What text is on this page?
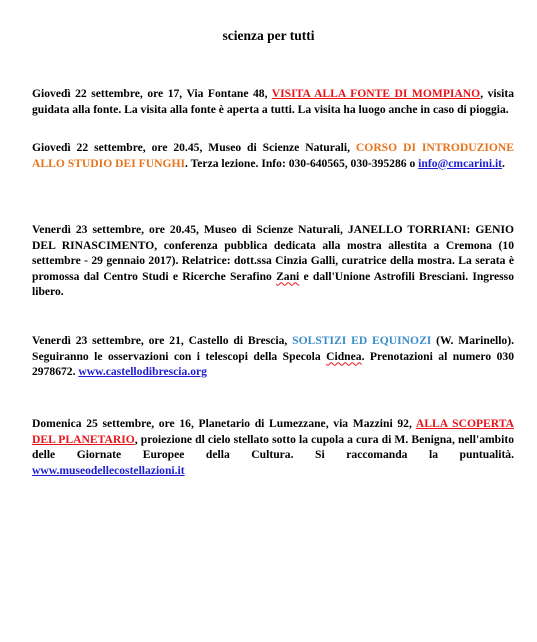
scienza per tutti
Giovedì 22 settembre, ore 17, Via Fontane 48, VISITA ALLA FONTE DI MOMPIANO, visita guidata alla fonte. La visita alla fonte è aperta a tutti. La visita ha luogo anche in caso di pioggia.
Giovedì 22 settembre, ore 20.45, Museo di Scienze Naturali, CORSO DI INTRODUZIONE ALLO STUDIO DEI FUNGHI. Terza lezione. Info: 030-640565, 030-395286 o info@cmcarini.it.
Venerdì 23 settembre, ore 20.45, Museo di Scienze Naturali, JANELLO TORRIANI: GENIO DEL RINASCIMENTO, conferenza pubblica dedicata alla mostra allestita a Cremona (10 settembre - 29 gennaio 2017). Relatrice: dott.ssa Cinzia Galli, curatrice della mostra. La serata è promossa dal Centro Studi e Ricerche Serafino Zani e dall'Unione Astrofili Bresciani. Ingresso libero.
Venerdì 23 settembre, ore 21, Castello di Brescia, SOLSTIZI ED EQUINOZI (W. Marinello). Seguiranno le osservazioni con i telescopi della Specola Cidnea. Prenotazioni al numero 030 2978672. www.castellodibrescia.org
Domenica 25 settembre, ore 16, Planetario di Lumezzane, via Mazzini 92, ALLA SCOPERTA DEL PLANETARIO, proiezione dl cielo stellato sotto la cupola a cura di M. Benigna, nell'ambito delle Giornate Europee della Cultura. Si raccomanda la puntualità. www.museodellecostellazioni.it
